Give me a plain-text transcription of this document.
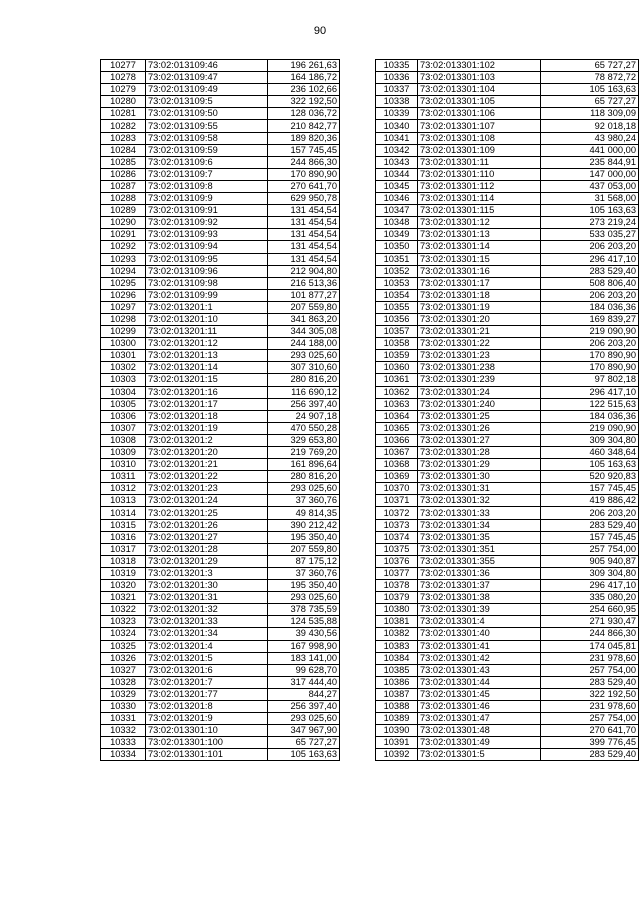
90
10277	73:02:013109:46	196 261,63
10278	73:02:013109:47	164 186,72
10279	73:02:013109:49	236 102,66
10280	73:02:013109:5	322 192,50
10281	73:02:013109:50	128 036,72
10282	73:02:013109:55	210 842,77
10283	73:02:013109:58	189 820,36
10284	73:02:013109:59	157 745,45
10285	73:02:013109:6	244 866,30
10286	73:02:013109:7	170 890,90
10287	73:02:013109:8	270 641,70
10288	73:02:013109:9	629 950,78
10289	73:02:013109:91	131 454,54
10290	73:02:013109:92	131 454,54
10291	73:02:013109:93	131 454,54
10292	73:02:013109:94	131 454,54
10293	73:02:013109:95	131 454,54
10294	73:02:013109:96	212 904,80
10295	73:02:013109:98	216 513,36
10296	73:02:013109:99	101 877,27
10297	73:02:013201:1	207 559,80
10298	73:02:013201:10	341 863,20
10299	73:02:013201:11	344 305,08
10300	73:02:013201:12	244 188,00
10301	73:02:013201:13	293 025,60
10302	73:02:013201:14	307 310,60
10303	73:02:013201:15	280 816,20
10304	73:02:013201:16	116 690,12
10305	73:02:013201:17	256 397,40
10306	73:02:013201:18	24 907,18
10307	73:02:013201:19	470 550,28
10308	73:02:013201:2	329 653,80
10309	73:02:013201:20	219 769,20
10310	73:02:013201:21	161 896,64
10311	73:02:013201:22	280 816,20
10312	73:02:013201:23	293 025,60
10313	73:02:013201:24	37 360,76
10314	73:02:013201:25	49 814,35
10315	73:02:013201:26	390 212,42
10316	73:02:013201:27	195 350,40
10317	73:02:013201:28	207 559,80
10318	73:02:013201:29	87 175,12
10319	73:02:013201:3	37 360,76
10320	73:02:013201:30	195 350,40
10321	73:02:013201:31	293 025,60
10322	73:02:013201:32	378 735,59
10323	73:02:013201:33	124 535,88
10324	73:02:013201:34	39 430,56
10325	73:02:013201:4	167 998,90
10326	73:02:013201:5	183 141,00
10327	73:02:013201:6	99 628,70
10328	73:02:013201:7	317 444,40
10329	73:02:013201:77	844,27
10330	73:02:013201:8	256 397,40
10331	73:02:013201:9	293 025,60
10332	73:02:013301:10	347 967,90
10333	73:02:013301:100	65 727,27
10334	73:02:013301:101	105 163,63
10335	73:02:013301:102	65 727,27
10336	73:02:013301:103	78 872,72
10337	73:02:013301:104	105 163,63
10338	73:02:013301:105	65 727,27
10339	73:02:013301:106	118 309,09
10340	73:02:013301:107	92 018,18
10341	73:02:013301:108	43 980,24
10342	73:02:013301:109	441 000,00
10343	73:02:013301:11	235 844,91
10344	73:02:013301:110	147 000,00
10345	73:02:013301:112	437 053,00
10346	73:02:013301:114	31 568,00
10347	73:02:013301:115	105 163,63
10348	73:02:013301:12	273 219,24
10349	73:02:013301:13	533 035,27
10350	73:02:013301:14	206 203,20
10351	73:02:013301:15	296 417,10
10352	73:02:013301:16	283 529,40
10353	73:02:013301:17	508 806,40
10354	73:02:013301:18	206 203,20
10355	73:02:013301:19	184 036,36
10356	73:02:013301:20	169 839,27
10357	73:02:013301:21	219 090,90
10358	73:02:013301:22	206 203,20
10359	73:02:013301:23	170 890,90
10360	73:02:013301:238	170 890,90
10361	73:02:013301:239	97 802,18
10362	73:02:013301:24	296 417,10
10363	73:02:013301:240	122 515,63
10364	73:02:013301:25	184 036,36
10365	73:02:013301:26	219 090,90
10366	73:02:013301:27	309 304,80
10367	73:02:013301:28	460 348,64
10368	73:02:013301:29	105 163,63
10369	73:02:013301:30	520 920,83
10370	73:02:013301:31	157 745,45
10371	73:02:013301:32	419 886,42
10372	73:02:013301:33	206 203,20
10373	73:02:013301:34	283 529,40
10374	73:02:013301:35	157 745,45
10375	73:02:013301:351	257 754,00
10376	73:02:013301:355	905 940,87
10377	73:02:013301:36	309 304,80
10378	73:02:013301:37	296 417,10
10379	73:02:013301:38	335 080,20
10380	73:02:013301:39	254 660,95
10381	73:02:013301:4	271 930,47
10382	73:02:013301:40	244 866,30
10383	73:02:013301:41	174 045,81
10384	73:02:013301:42	231 978,60
10385	73:02:013301:43	257 754,00
10386	73:02:013301:44	283 529,40
10387	73:02:013301:45	322 192,50
10388	73:02:013301:46	231 978,60
10389	73:02:013301:47	257 754,00
10390	73:02:013301:48	270 641,70
10391	73:02:013301:49	399 776,45
10392	73:02:013301:5	283 529,40
